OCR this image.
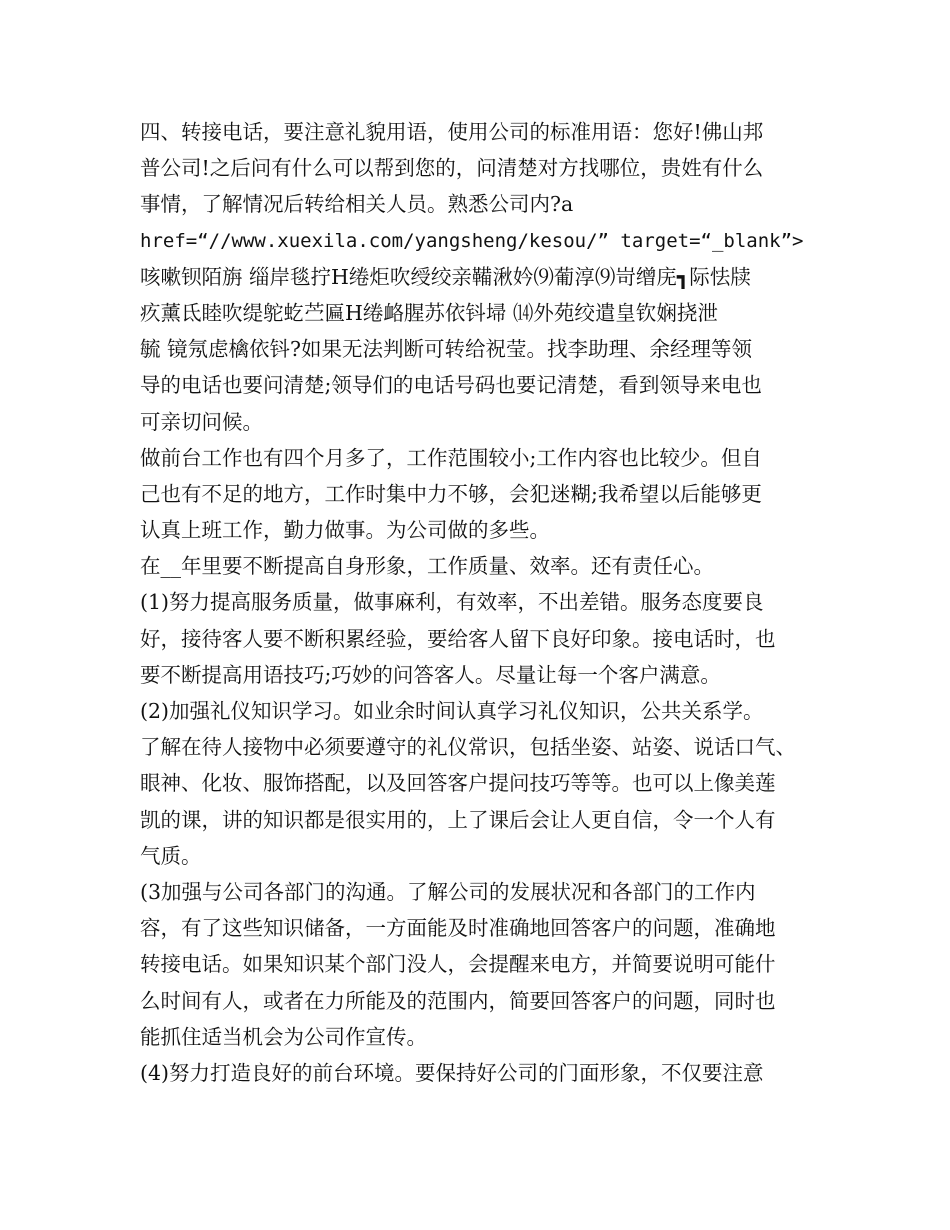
四、转接电话，要注意礼貌用语，使用公司的标准用语：您好!佛山邦
普公司!之后问有什么可以帮到您的，问清楚对方找哪位，贵姓有什么
事情，了解情况后转给相关人员。熟悉公司内?a
href=“//www.xuexila.com/yangsheng/kesou/” target=“_blank”>
咳嗽钡陌旃 缁岸毯拧H绻炬吹绶绞亲鞴湫妗⑼葡淳⑼岢缯庑┓际怯牍
疚薰氐睦吹缇鸵虼苎匾H绻衉腥苏依钭埽 ⒁外苑绞遣皇钦娴挠泄
毓 镜氖虑檎依钭?如果无法判断可转给祝莹。找李助理、余经理等领
导的电话也要问清楚;领导们的电话号码也要记清楚，看到领导来电也
可亲切问候。
做前台工作也有四个月多了，工作范围较小;工作内容也比较少。但自
己也有不足的地方，工作时集中力不够，会犯迷糊;我希望以后能够更
认真上班工作，勤力做事。为公司做的多些。
在__年里要不断提高自身形象，工作质量、效率。还有责任心。
(1)努力提高服务质量，做事麻利，有效率，不出差错。服务态度要良
好，接待客人要不断积累经验，要给客人留下良好印象。接电话时，也
要不断提高用语技巧;巧妙的问答客人。尽量让每一个客户满意。
(2)加强礼仪知识学习。如业余时间认真学习礼仪知识，公共关系学。
了解在待人接物中必须要遵守的礼仪常识，包括坐姿、站姿、说话口气、
眼神、化妆、服饰搭配，以及回答客户提问技巧等等。也可以上像美莲
凯的课，讲的知识都是很实用的，上了课后会让人更自信，令一个人有
气质。
(3加强与公司各部门的沟通。了解公司的发展状况和各部门的工作内
容，有了这些知识储备，一方面能及时准确地回答客户的问题，准确地
转接电话。如果知识某个部门没人，会提醒来电方，并简要说明可能什
么时间有人，或者在力所能及的范围内，简要回答客户的问题，同时也
能抓住适当机会为公司作宣传。
(4)努力打造良好的前台环境。要保持好公司的门面形象，不仅要注意
